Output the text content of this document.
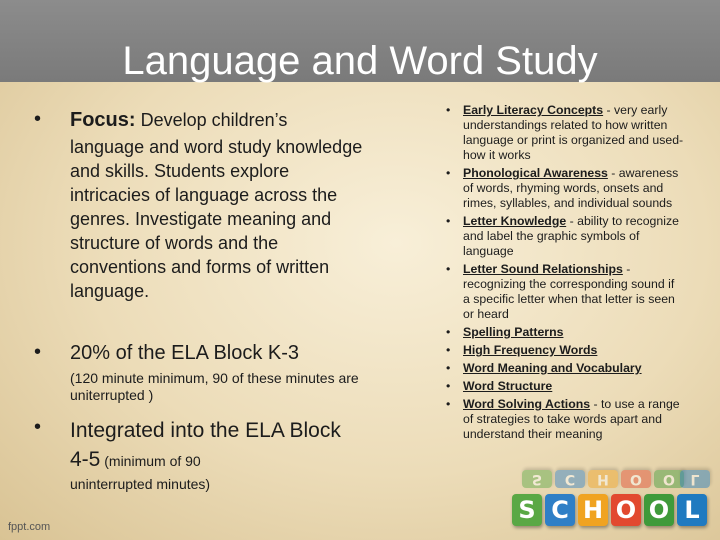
Language and Word Study
• Focus: Develop children’s
language and word study knowledge and skills. Students explore intricacies of language across the genres. Investigate meaning and structure of words and the conventions and forms of written language.
• 20% of the ELA Block K-3
(120 minute minimum, 90 of these minutes are uniterrupted )
• Integrated into the ELA Block 4-5 (minimum of 90
uninterrupted minutes)
• Early Literacy Concepts - very early understandings related to how written language or print is organized and used- how it works
• Phonological Awareness - awareness of words, rhyming words, onsets and rimes, syllables, and individual sounds
• Letter Knowledge - ability to recognize and label the graphic symbols of language
• Letter Sound Relationships - recognizing the corresponding sound if a specific letter when that letter is seen or heard
• Spelling Patterns
• High Frequency Words
• Word Meaning and Vocabulary
• Word Structure
• Word Solving Actions - to use a range of strategies to take words apart and understand their meaning
fppt.com
S C H O O L
S	C	H	O	O	L
